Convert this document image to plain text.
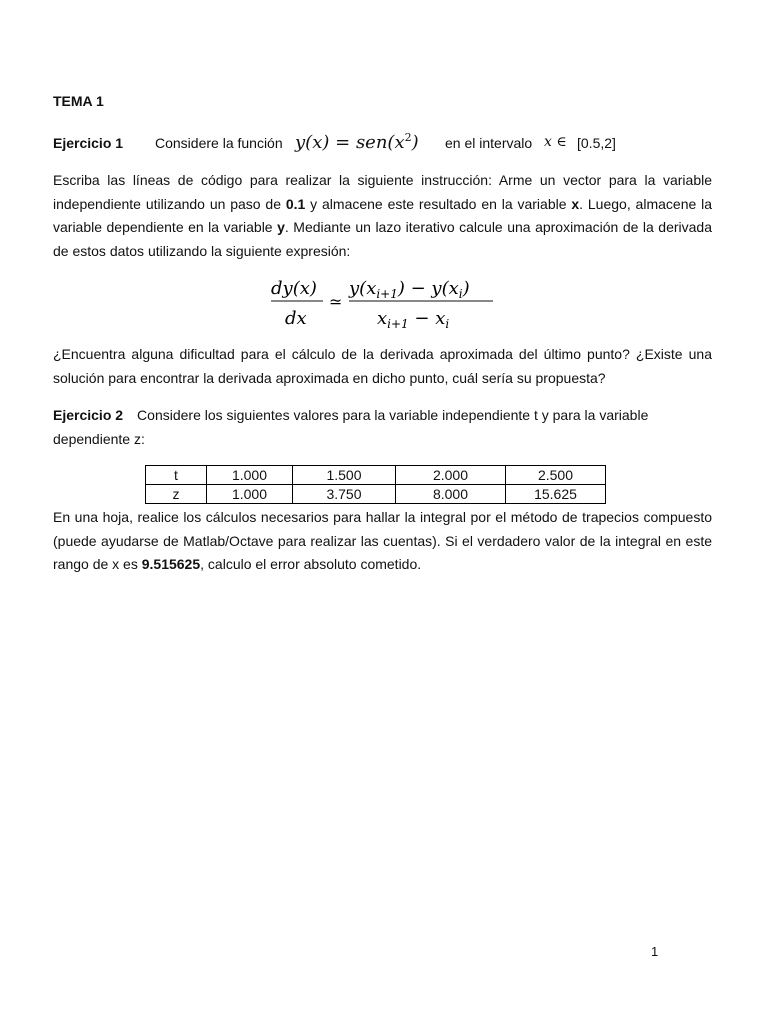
TEMA 1
Ejercicio 1 Considere la función $y(x) = sen(x^2)$ en el intervalo x ∈ [0.5,2]

Escriba las líneas de código para realizar la siguiente instrucción: Arme un vector para la variable independiente utilizando un paso de 0.1 y almacene este resultado en la variable x. Luego, almacene la variable dependiente en la variable y. Mediante un lazo iterativo calcule una aproximación de la derivada de estos datos utilizando la siguiente expresión:

dy(x)
dx
≃
$y(x_{i+1}) - y(x_i)$
$x_{i+1} - x_i$

¿Encuentra alguna dificultad para el cálculo de la derivada aproximada del último punto? ¿Existe una solución para encontrar la derivada aproximada en dicho punto, cuál sería su propuesta?

Ejercicio 2 Considere los siguientes valores para la variable independiente t y para la variable dependiente z:
t	1.000	1.500	2.000	2.500
z	1.000	3.750	8.000	15.625

En una hoja, realice los cálculos necesarios para hallar la integral por el método de trapecios compuesto (puede ayudarse de Matlab/Octave para realizar las cuentas). Si el verdadero valor de la integral en este rango de x es 9.515625, calculo el error absoluto cometido.

1
